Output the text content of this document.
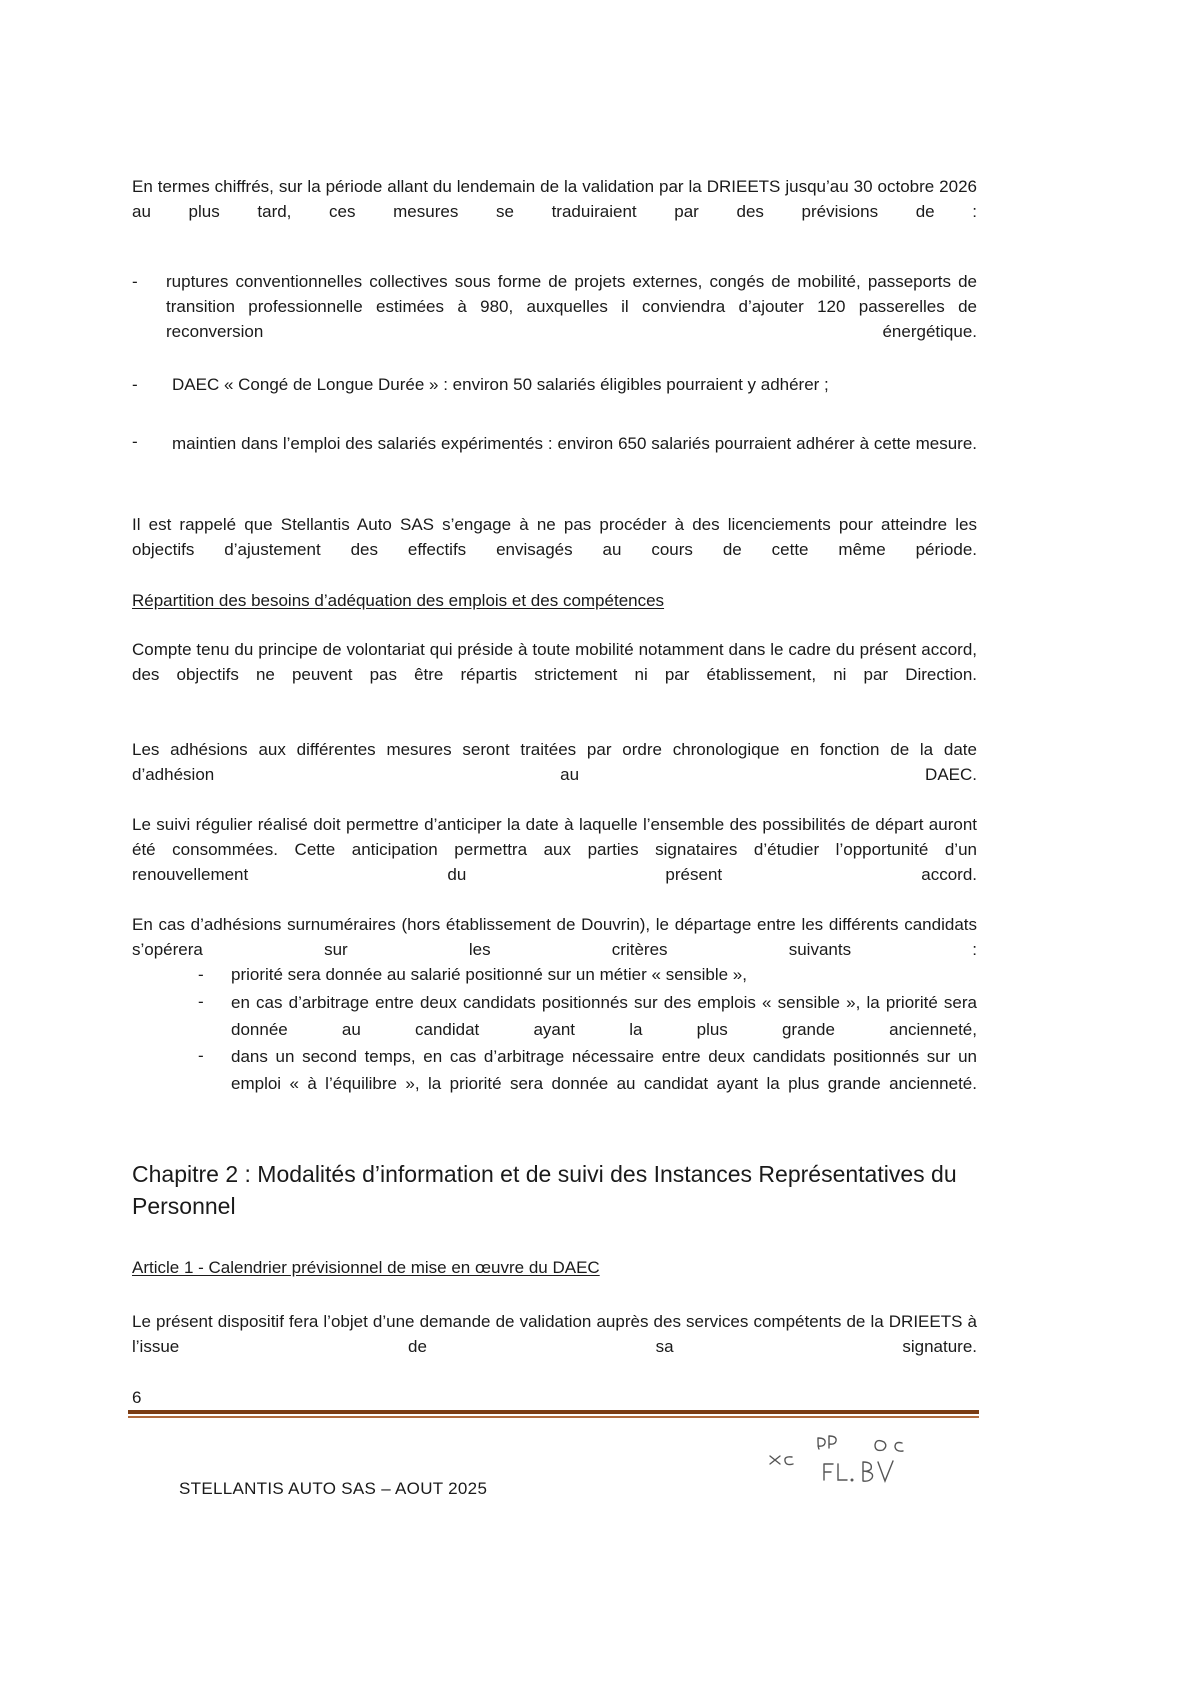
En termes chiffrés, sur la période allant du lendemain de la validation par la DRIEETS jusqu’au 30 octobre 2026 au plus tard, ces mesures se traduiraient par des prévisions de :
- ruptures conventionnelles collectives sous forme de projets externes, congés de mobilité, passeports de transition professionnelle estimées à 980, auxquelles il conviendra d’ajouter 120 passerelles de reconversion énergétique.
- DAEC « Congé de Longue Durée » : environ 50 salariés éligibles pourraient y adhérer ;
- maintien dans l’emploi des salariés expérimentés : environ 650 salariés pourraient adhérer à cette mesure.
Il est rappelé que Stellantis Auto SAS s’engage à ne pas procéder à des licenciements pour atteindre les objectifs d’ajustement des effectifs envisagés au cours de cette même période.
Répartition des besoins d’adéquation des emplois et des compétences
Compte tenu du principe de volontariat qui préside à toute mobilité notamment dans le cadre du présent accord, des objectifs ne peuvent pas être répartis strictement ni par établissement, ni par Direction.
Les adhésions aux différentes mesures seront traitées par ordre chronologique en fonction de la date d’adhésion au DAEC.
Le suivi régulier réalisé doit permettre d’anticiper la date à laquelle l’ensemble des possibilités de départ auront été consommées. Cette anticipation permettra aux parties signataires d’étudier l’opportunité d’un renouvellement du présent accord.
En cas d’adhésions surnuméraires (hors établissement de Douvrin), le départage entre les différents candidats s’opérera sur les critères suivants :
- priorité sera donnée au salarié positionné sur un métier « sensible »,
- en cas d’arbitrage entre deux candidats positionnés sur des emplois « sensible », la priorité sera donnée au candidat ayant la plus grande ancienneté,
- dans un second temps, en cas d’arbitrage nécessaire entre deux candidats positionnés sur un emploi « à l’équilibre », la priorité sera donnée au candidat ayant la plus grande ancienneté.
Chapitre 2 : Modalités d’information et de suivi des Instances Représentatives du Personnel
Article 1 - Calendrier prévisionnel de mise en œuvre du DAEC
Le présent dispositif fera l’objet d’une demande de validation auprès des services compétents de la DRIEETS à l’issue de sa signature.
6
STELLANTIS AUTO SAS – AOUT 2025
